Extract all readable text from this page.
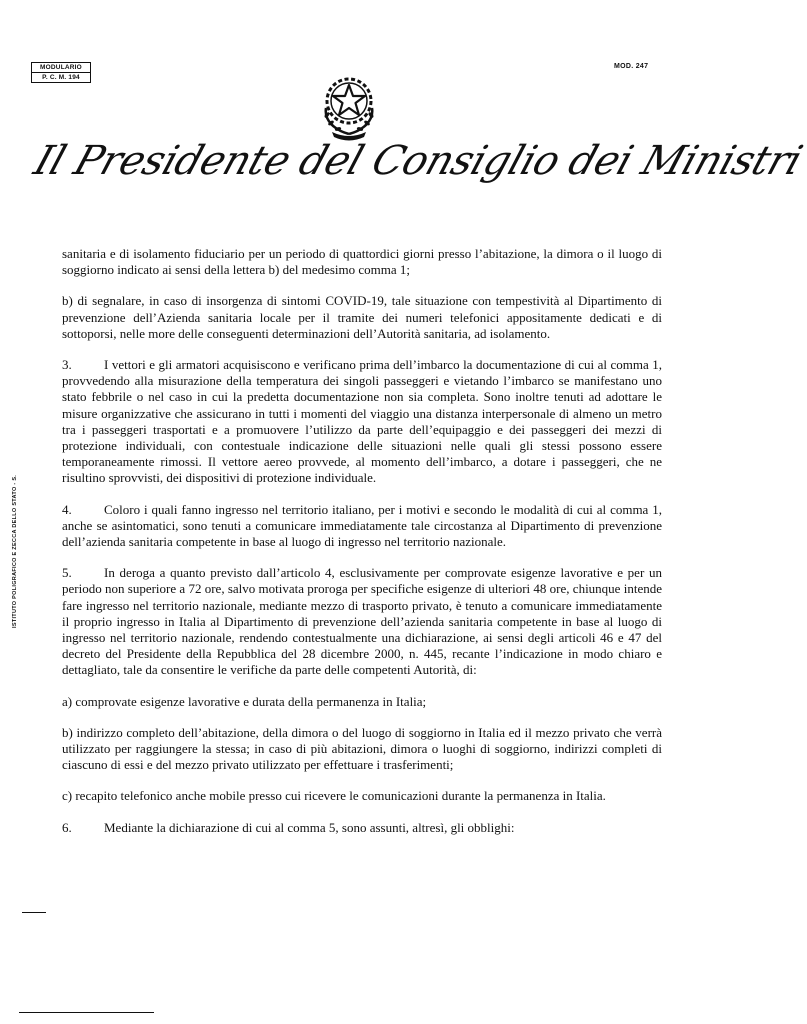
MODULARIO
P. C. M. 194
MOD. 247
Il Presidente del Consiglio dei Ministri
ISTITUTO POLIGRAFICO E ZECCA DELLO STATO - S.

sanitaria e di isolamento fiduciario per un periodo di quattordici giorni presso l’abitazione, la dimora o il luogo di soggiorno indicato ai sensi della lettera b) del medesimo comma 1;

b) di segnalare, in caso di insorgenza di sintomi COVID-19, tale situazione con tempestività al Dipartimento di prevenzione dell’Azienda sanitaria locale per il tramite dei numeri telefonici appositamente dedicati e di sottoporsi, nelle more delle conseguenti determinazioni dell’Autorità sanitaria, ad isolamento.

3. I vettori e gli armatori acquisiscono e verificano prima dell’imbarco la documentazione di cui al comma 1, provvedendo alla misurazione della temperatura dei singoli passeggeri e vietando l’imbarco se manifestano uno stato febbrile o nel caso in cui la predetta documentazione non sia completa. Sono inoltre tenuti ad adottare le misure organizzative che assicurano in tutti i momenti del viaggio una distanza interpersonale di almeno un metro tra i passeggeri trasportati e a promuovere l’utilizzo da parte dell’equipaggio e dei passeggeri dei mezzi di protezione individuali, con contestuale indicazione delle situazioni nelle quali gli stessi possono essere temporaneamente rimossi. Il vettore aereo provvede, al momento dell’imbarco, a dotare i passeggeri, che ne risultino sprovvisti, dei dispositivi di protezione individuale.

4. Coloro i quali fanno ingresso nel territorio italiano, per i motivi e secondo le modalità di cui al comma 1, anche se asintomatici, sono tenuti a comunicare immediatamente tale circostanza al Dipartimento di prevenzione dell’azienda sanitaria competente in base al luogo di ingresso nel territorio nazionale.

5. In deroga a quanto previsto dall’articolo 4, esclusivamente per comprovate esigenze lavorative e per un periodo non superiore a 72 ore, salvo motivata proroga per specifiche esigenze di ulteriori 48 ore, chiunque intende fare ingresso nel territorio nazionale, mediante mezzo di trasporto privato, è tenuto a comunicare immediatamente il proprio ingresso in Italia al Dipartimento di prevenzione dell’azienda sanitaria competente in base al luogo di ingresso nel territorio nazionale, rendendo contestualmente una dichiarazione, ai sensi degli articoli 46 e 47 del decreto del Presidente della Repubblica del 28 dicembre 2000, n. 445, recante l’indicazione in modo chiaro e dettagliato, tale da consentire le verifiche da parte delle competenti Autorità, di:

a) comprovate esigenze lavorative e durata della permanenza in Italia;

b) indirizzo completo dell’abitazione, della dimora o del luogo di soggiorno in Italia ed il mezzo privato che verrà utilizzato per raggiungere la stessa; in caso di più abitazioni, dimora o luoghi di soggiorno, indirizzi completi di ciascuno di essi e del mezzo privato utilizzato per effettuare i trasferimenti;

c) recapito telefonico anche mobile presso cui ricevere le comunicazioni durante la permanenza in Italia.

6. Mediante la dichiarazione di cui al comma 5, sono assunti, altresì, gli obblighi:
